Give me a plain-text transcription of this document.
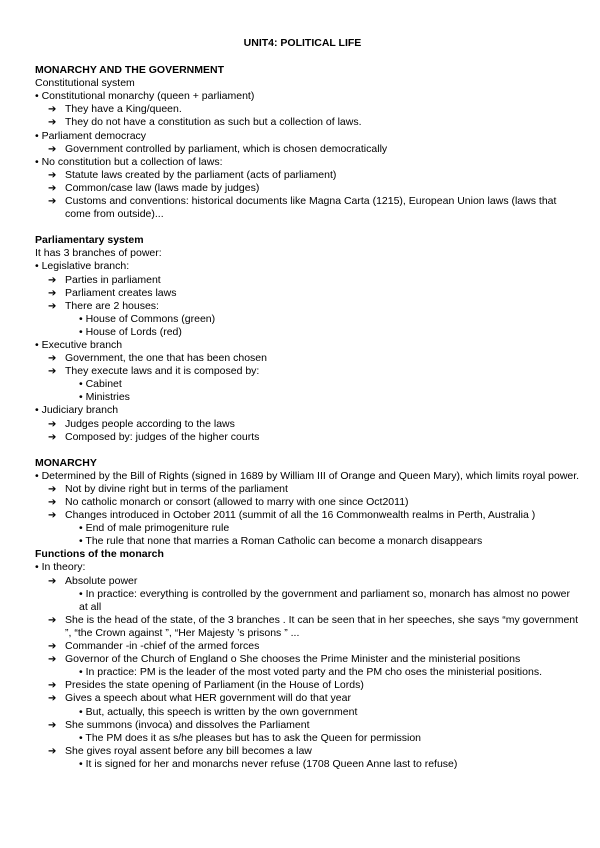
UNIT4: POLITICAL LIFE
MONARCHY AND THE GOVERNMENT
Constitutional system
• Constitutional monarchy (queen + parliament)
➔ They have a King/queen.
➔ They do not have a constitution as such but a collection of laws.
• Parliament democracy
➔ Government controlled by parliament, which is chosen democratically
• No constitution but a collection of laws:
➔ Statute laws created by the parliament (acts of parliament)
➔ Common/case law (laws made by judges)
➔ Customs and conventions: historical documents like Magna Carta (1215), European Union laws (laws that come from outside)...
Parliamentary system
It has 3 branches of power:
• Legislative branch:
➔ Parties in parliament
➔ Parliament creates laws
➔ There are 2 houses:
• House of Commons (green)
• House of Lords (red)
• Executive branch
➔ Government, the one that has been chosen
➔ They execute laws and it is composed by:
• Cabinet
• Ministries
• Judiciary branch
➔ Judges people according to the laws
➔ Composed by: judges of the higher courts
MONARCHY
• Determined by the Bill of Rights (signed in 1689 by William III of Orange and Queen Mary), which limits royal power.
➔ Not by divine right but in terms of the parliament
➔ No catholic monarch or consort (allowed to marry with one since Oct2011)
➔ Changes introduced in October 2011 (summit of all the 16 Commonwealth realms in Perth, Australia )
• End of male primogeniture rule
• The rule that none that marries a Roman Catholic can become a monarch disappears
Functions of the monarch
• In theory:
➔ Absolute power
• In practice: everything is controlled by the government and parliament so, monarch has almost no power at all
➔ She is the head of the state, of the 3 branches . It can be seen that in her speeches, she says “my government ”, “the Crown against ”, “Her Majesty ’s prisons ” ...
➔ Commander -in -chief of the armed forces
➔ Governor of the Church of England o She chooses the Prime Minister and the ministerial positions
• In practice: PM is the leader of the most voted party and the PM cho oses the ministerial positions.
➔ Presides the state opening of Parliament (in the House of Lords)
➔ Gives a speech about what HER government will do that year
• But, actually, this speech is written by the own government
➔ She summons (invoca) and dissolves the Parliament
• The PM does it as s/he pleases but has to ask the Queen for permission
➔ She gives royal assent before any bill becomes a law
• It is signed for her and monarchs never refuse (1708 Queen Anne last to refuse)
